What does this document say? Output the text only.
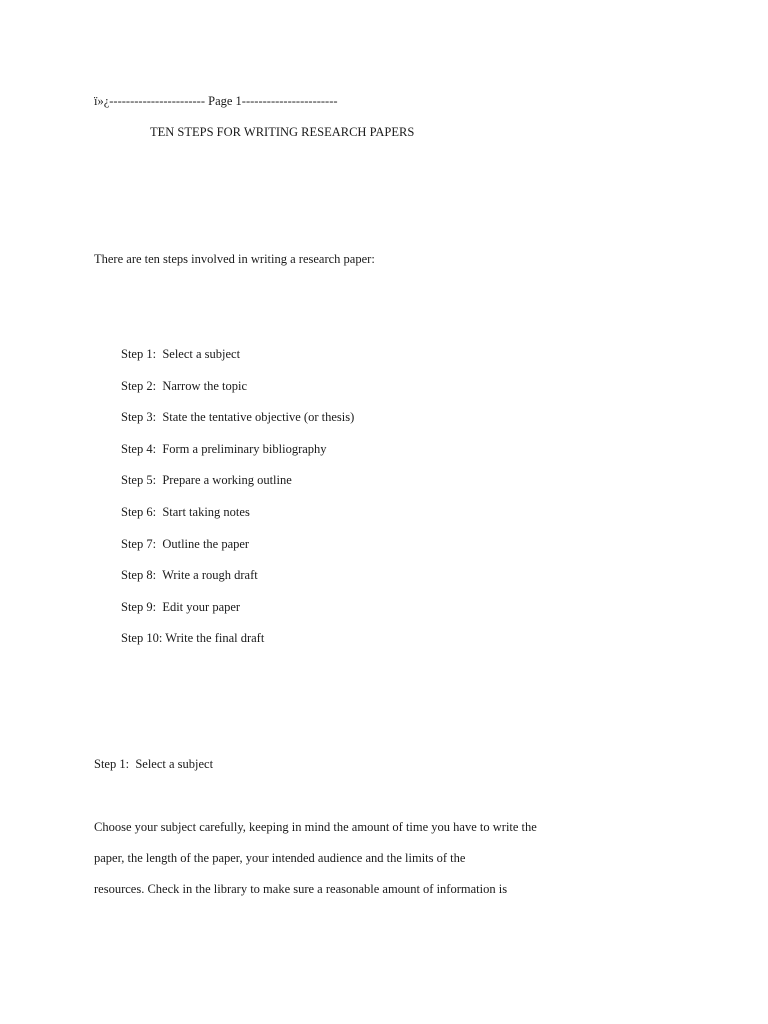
ï»¿----------------------- Page 1-----------------------
TEN STEPS FOR WRITING RESEARCH PAPERS
There are ten steps involved in writing a research paper:
Step 1:  Select a subject
Step 2:  Narrow the topic
Step 3:  State the tentative objective (or thesis)
Step 4:  Form a preliminary bibliography
Step 5:  Prepare a working outline
Step 6:  Start taking notes
Step 7:  Outline the paper
Step 8:  Write a rough draft
Step 9:  Edit your paper
Step 10: Write the final draft
Step 1:  Select a subject
Choose your subject carefully, keeping in mind the amount of time you have to write the
paper, the length of the paper, your intended audience and the limits of the
resources. Check in the library to make sure a reasonable amount of information is
